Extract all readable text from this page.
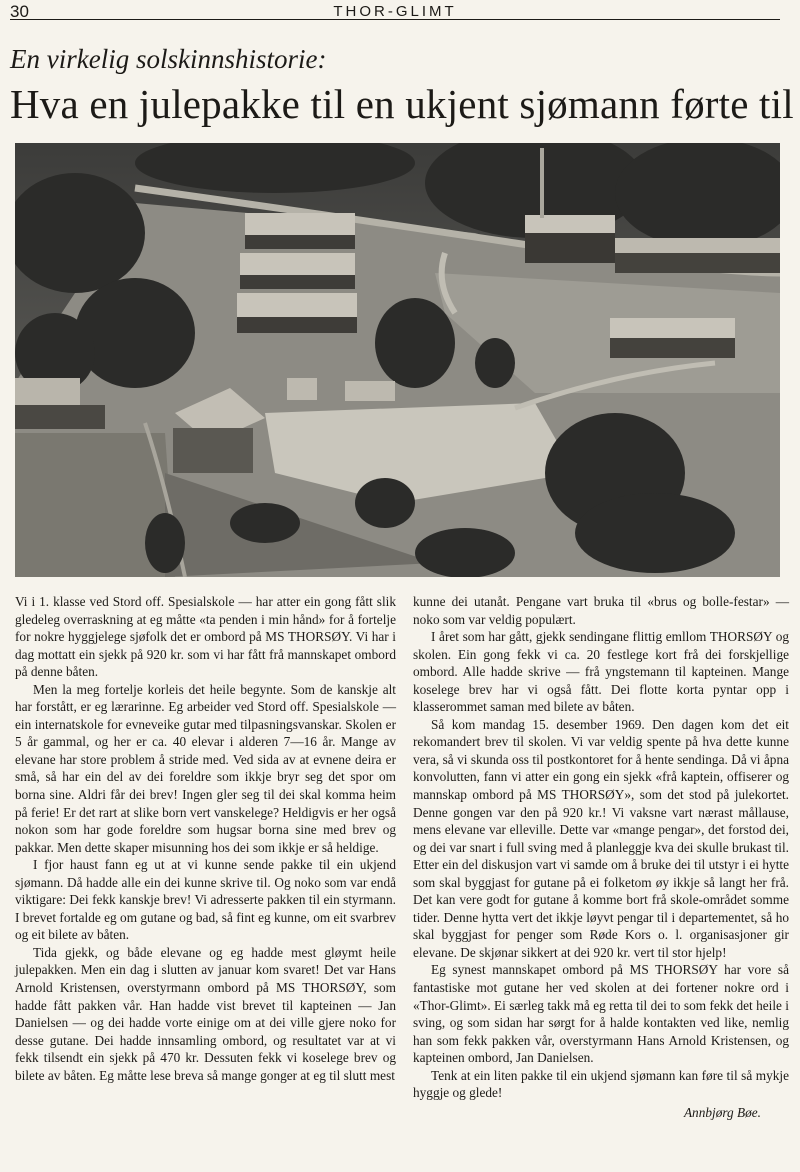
30	THOR-GLIMT
En virkelig solskinnshistorie:
Hva en julepakke til en ukjent sjømann førte til

Vi i 1. klasse ved Stord off. Spesialskole — har atter ein gong fått slik gledeleg overraskning at eg måtte «ta penden i min hånd» for å fortelje for nokre hyggjelege sjøfolk det er ombord på MS THORSØY. Vi har i dag mottatt ein sjekk på 920 kr. som vi har fått frå mannskapet ombord på denne båten.

Men la meg fortelje korleis det heile begynte. Som de kanskje alt har forstått, er eg lærarinne. Eg arbeider ved Stord off. Spesialskole — ein internatskole for evneveike gutar med tilpasningsvanskar. Skolen er 5 år gammal, og her er ca. 40 elevar i alderen 7—16 år. Mange av elevane har store problem å stride med. Ved sida av at evnene deira er små, så har ein del av dei foreldre som ikkje bryr seg det spor om borna sine. Aldri får dei brev! Ingen gler seg til dei skal komma heim på ferie! Er det rart at slike born vert vanskelege? Heldigvis er her også nokon som har gode foreldre som hugsar borna sine med brev og pakkar. Men dette skaper misunning hos dei som ikkje er så heldige.

I fjor haust fann eg ut at vi kunne sende pakke til ein ukjend sjømann. Då hadde alle ein dei kunne skrive til. Og noko som var endå viktigare: Dei fekk kanskje brev! Vi adresserte pakken til ein styrmann. I brevet fortalde eg om gutane og bad, så fint eg kunne, om eit svarbrev og eit bilete av båten.

Tida gjekk, og både elevane og eg hadde mest gløymt heile julepakken. Men ein dag i slutten av januar kom svaret! Det var Hans Arnold Kristensen, overstyrmann ombord på MS THORSØY, som hadde fått pakken vår. Han hadde vist brevet til kapteinen — Jan Danielsen — og dei hadde vorte einige om at dei ville gjere noko for desse gutane. Dei hadde innsamling ombord, og resultatet var at vi fekk tilsendt ein sjekk på 470 kr. Dessuten fekk vi koselege brev og bilete av båten. Eg måtte lese breva så mange gonger at eg til slutt mest

kunne dei utanåt. Pengane vart bruka til «brus og bolle-festar» — noko som var veldig populært.

I året som har gått, gjekk sendingane flittig emllom THORSØY og skolen. Ein gong fekk vi ca. 20 festlege kort frå dei forskjellige ombord. Alle hadde skrive — frå yngstemann til kapteinen. Mange koselege brev har vi også fått. Dei flotte korta pyntar opp i klasserommet saman med bilete av båten.

Så kom mandag 15. desember 1969. Den dagen kom det eit rekomandert brev til skolen. Vi var veldig spente på hva dette kunne vera, så vi skunda oss til postkontoret for å hente sendinga. Då vi åpna konvolutten, fann vi atter ein gong ein sjekk «frå kaptein, offiserer og mannskap ombord på MS THORSØY», som det stod på julekortet. Denne gongen var den på 920 kr.! Vi vaksne vart nærast mållause, mens elevane var elleville. Dette var «mange pengar», det forstod dei, og dei var snart i full sving med å planleggje kva dei skulle brukast til. Etter ein del diskusjon vart vi samde om å bruke dei til utstyr i ei hytte som skal byggjast for gutane på ei folketom øy ikkje så langt her frå. Det kan vere godt for gutane å komme bort frå skole-området somme tider. Denne hytta vert det ikkje løyvt pengar til i departementet, så ho skal byggjast for penger som Røde Kors o. l. organisasjoner gir elevane. De skjønar sikkert at dei 920 kr. vert til stor hjelp!

Eg synest mannskapet ombord på MS THORSØY har vore så fantastiske mot gutane her ved skolen at dei fortener nokre ord i «Thor-Glimt». Ei særleg takk må eg retta til dei to som fekk det heile i sving, og som sidan har sørgt for å halde kontakten ved like, nemlig han som fekk pakken vår, overstyrmann Hans Arnold Kristensen, og kapteinen ombord, Jan Danielsen.

Tenk at ein liten pakke til ein ukjend sjømann kan føre til så mykje hyggje og glede!

Annbjørg Bøe.
